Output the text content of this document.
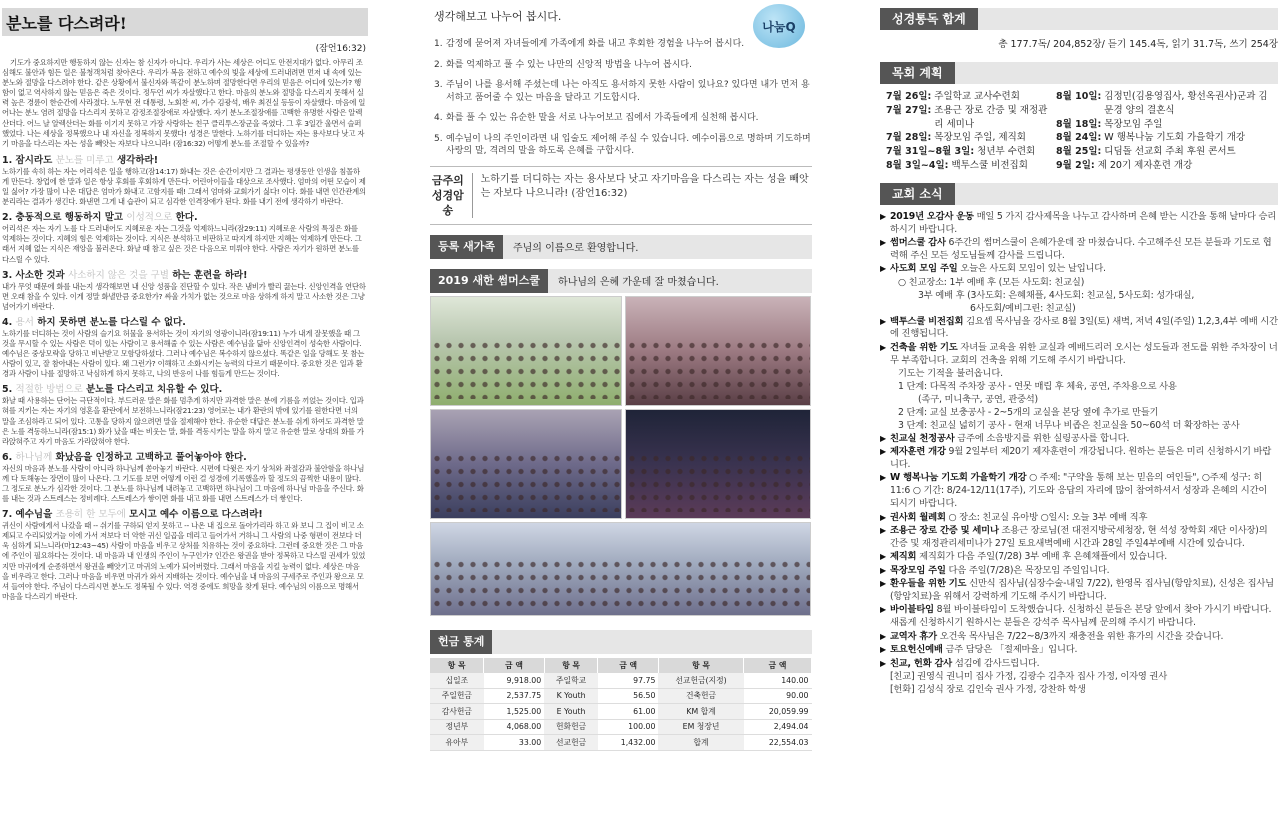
분노를 다스려라!
(잠언16:32)

기도가 중요하지만 행동하지 않는 신자는 참 신자가 아니다. 우리가 사는 세상은 어디도 안전지대가 없다. 아무리 조심해도 불안과 힘든 일은 불청객처럼 찾아온다. 우리가 복음 전하고 예수의 빛을 세상에 드러내려면 먼저 내 속에 있는 분노와 절망을 다스려야 한다. 같은 상황에서 불신자와 똑같이 분노하며 절망한다면 우리의 믿음은 어디에 있는가? 행함이 없고 역사하지 않는 믿음은 죽은 것이다. 정두언 씨가 자살했다고 한다. 마음의 분노와 절망을 다스리지 못해서 실력 높은 경륜이 한순간에 사라졌다. 노무현 전 대통령, 노회찬 씨, 가수 김광석, 배우 최진실 등등이 자살했다. 마음에 일어나는 분노 염려 절망을 다스리지 못하고 감정조절장애로 자살했다. 자기 분노조절장애를 고백한 유명한 사람은 알렉산더다. 어느 날 알렉산더는 화를 이기지 못하고 가장 사랑하는 친구 클리투스장군을 죽였다. 그 후 3일간 울면서 슬퍼했었다. 나는 세상을 정복했으나 내 자신을 정복하지 못했다! 성경은 말한다. 노하기를 더디하는 자는 용사보다 낫고 자기 마음을 다스리는 자는 성을 빼앗는 자보다 나으니라! (잠16:32) 어떻게 분노를 조절할 수 있을까?

1. 잠시라도 분노를 미루고 생각하라!

노하기를 속히 하는 자는 어리석은 일을 행하고(잠14:17) 화내는 것은 순간이지만 그 결과는 평생동안 인생을 침몰하게 만든다. 창업에 한 말과 일은 항상 후회를 후회하게 만든다. 어린아이들을 대상으로 조사했다. 엄마의 어떤 모습이 제일 싫어? 가장 많이 나온 대답은 엄마가 화내고 고함지를 때! 그래서 엄마와 교회가기 싫다! 이다. 화를 내면 인간관계의 분리라는 결과가 생긴다. 화낸면 그게 내 습관이 되고 심각한 인격장애가 된다. 화를 내기 전에 생각하기 바란다.

2. 충동적으로 행동하지 말고 이성적으로 한다.

어리석은 자는 자기 노를 다 드러내어도 지혜로운 자는 그것을 억제하느니라(잠29:11) 지혜로운 사람의 특징은 화를 억제하는 것이다. 지혜의 힘은 억제하는 것이다. 지식은 분석하고 비판하고 따지게 하지만 지혜는 억제하게 만든다. 그래서 지혜 없는 지식은 재앙을 불러온다. 화날 때 참고 싶은 것은 다음으로 미뤄야 한다. 사람은 자기가 원하면 분노를 다스릴 수 있다.

3. 사소한 것과 사소하지 않은 것을 구별 하는 훈련을 하라!

내가 무엇 때문에 화를 내는지 생각해보면 내 신앙 성품을 진단할 수 있다. 작은 냄비가 빨리 끓는다. 신앙인격을 연단하면 오래 참을 수 있다. 이게 정말 화낼만큼 중요한가? 싸울 가치가 없는 것으로 마음 상하게 하지 말고 사소한 것은 그냥 넘어가기 바란다.

4. 용서 하지 못하면 분노를 다스릴 수 없다.

노하기를 더디하는 것이 사람의 슬기요 허물을 용서하는 것이 자기의 영광이니라(잠19:11) 누가 내게 잘못했을 때 그것을 무시할 수 있는 사람은 덕이 있는 사람이고 용서해줄 수 있는 사람은 예수님을 닮아 신앙인격이 성숙한 사람이다. 예수님은 중상모략을 당하고 비난받고 모함당하셨다. 그러나 예수님은 복수하지 않으셨다. 똑같은 일을 당해도 못 참는 사람이 있고, 잘 참아내는 사람이 있다. 왜 그런가? 이해하고 소화시키는 능력의 다르기 때문이다. 중요한 것은 일과 환경과 사람이 나를 절망하고 낙심하게 하지 못하고, 나의 반응이 나를 힘들게 만드는 것이다.

5. 적절한 방법으로 분노를 다스리고 치유할 수 있다.

화날 때 사용하는 단어는 극단적이다. 부드러운 말은 화를 멈추게 하지만 과격한 말은 분에 기름을 끼얹는 것이다. 입과 혀를 지키는 자는 자기의 영혼을 환란에서 보전하느니라(잠21:23) 영어로는 내가 환란의 밖에 있기를 원한다면 너의 말을 조심하라고 되어 있다. 고통을 당하지 않으려면 말을 절제해야 한다. 유순한 대답은 분노를 쉬게 하여도 과격한 말은 노를 격동하느니라(잠15:1) 화가 났을 때는 비웃는 말, 화를 격동시키는 말을 하지 말고 유순한 말로 상대의 화를 가라앉혀주고 자기 마음도 가라앉혀야 한다.

6. 하나님께 화났음을 인정하고 고백하고 풀어놓아야 한다.

자신의 마음과 분노를 사람이 아니라 하나님께 쏟아놓기 바란다. 시편에 다윗은 자기 상처와 좌절감과 불안함을 하나님께 다 토해놓는 장면이 많이 나온다. 그 기도를 보면 어떻게 이런 걸 성경에 기록했을까 할 정도의 끔찍한 내용이 많다. 그 정도로 분노가 심각한 것이다. 그 분노를 하나님께 내려놓고 고백하면 하나님이 그 마음에 하나님 마음을 주신다. 화를 내는 것과 스트레스는 정비례다. 스트레스가 쌓이면 화를 내고 화를 내면 스트레스가 더 쌓인다.

7. 예수님을 조용히 한 모두에 모시고 예수 이름으로 다스려라!

귀신이 사람에게서 나갔을 때 -- 쉬기를 구하되 얻지 못하고 -- 나온 내 집으로 돌아가리라 하고 와 보니 그 집이 비고 소제되고 수리되었거늘 이에 가서 저보다 더 악한 귀신 일곱을 데리고 들어가서 거하니 그 사람의 나중 형편이 전보다 더욱 심하게 되느니라(마12:43~45) 사람이 마음을 비우고 상처를 치유하는 것이 중요하다. 그런데 중요한 것은 그 마음에 주인이 필요하다는 것이다. 내 마음과 내 인생의 주인이 누구인가? 인간은 왕권을 받아 정복하고 다스릴 권세가 있었지만 마귀에게 순종하면서 왕권을 빼앗기고 마귀의 노예가 되어버렸다. 그래서 마음을 지킬 능력이 없다. 세상은 마음을 비우라고 한다. 그러나 마음을 비우면 마귀가 와서 지배하는 것이다. 예수님을 내 마음의 구세주로 주인과 왕으로 모셔 들여야 한다. 주님이 다스리시면 분노도 정복될 수 있다. 역경 중에도 희망을 찾게 된다. 예수님의 이름으로 명해서 마음을 다스리기 바란다.

생각해보고 나누어 봅시다.
나눔Q
1. 감정에 묻어져 자녀들에게 가족에게 화를 내고 후회한 경험을 나누어 봅시다.
2. 화를 억제하고 풀 수 있는 나만의 신앙적 방법을 나누어 봅시다.
3. 주님이 나를 용서해 주셨는데 나는 아직도 용서하지 못한 사람이 있나요? 있다면 내가 먼저 용서하고 품어줄 수 있는 마음을 달라고 기도합시다.
4. 화를 풀 수 있는 유순한 말을 서로 나누어보고 집에서 가족들에게 실천해 봅시다.
5. 예수님이 나의 주인이라면 내 입술도 제어해 주실 수 있습니다. 예수이름으로 명하며 기도하며 사랑의 말, 격려의 말을 하도록 은혜를 구합시다.
금주의
성경암송
노하기를 더디하는 자는 용사보다 낫고 자기마음을 다스리는 자는 성을 빼앗는 자보다 나으니라! (잠언16:32)
등록 새가족	주님의 이름으로 환영합니다.
2019 새한 썸머스쿨	하나님의 은혜 가운데 잘 마쳤습니다.
헌금 통계
항 목	금 액	항 목	금 액	항 목	금 액
십일조	9,918.00	주일학교	97.75	선교헌금(지정)	140.00
주일헌금	2,537.75	K Youth	56.50	건축헌금	90.00
감사헌금	1,525.00	E Youth	61.00	KM 합계	20,059.99
정년부	4,068.00	헌화헌금	100.00	EM 청장년	2,494.04
유아부	33.00	선교헌금	1,432.00	합계	22,554.03
성경통독 합계
총 177.7독/ 204,852장/ 듣기 145.4독, 읽기 31.7독, 쓰기 254장
목회 계획
7월 26일: 주일학교 교사수련회
7월 27일: 조용근 장로 간증 및 재정관리 세미나
7월 28일: 목장모임 주일, 제직회
7월 31일~8월 3일: 청년부 수련회
8월 3일~4일: 백투스쿨 비전집회
8월 10일: 김정민(김용영집사, 황선옥권사)군과 김문경 양의 결혼식
8월 18일: 목장모임 주일
8월 24일: W 행복나눔 기도회 가을학기 개강
8월 25일: 디딤돌 선교회 주최 후원 콘서트
9월 2일: 제 20기 제자훈련 개강
교회 소식
▶ 2019년 오감사 운동 매일 5 가지 감사제목을 나누고 감사하며 은혜 받는 시간을 통해 날마다 승리하시기 바랍니다.
▶ 썸머스쿨 감사 6주간의 썸머스쿨이 은혜가운데 잘 마쳤습니다. 수고해주신 모든 분들과 기도로 협력해 주신 모든 성도님들께 감사를 드립니다.
▶ 사도회 모임 주일 오늘은 사도회 모임이 있는 날입니다.
○ 친교장소: 1부 예배 후 (모든 사도회: 친교실)
3부 예배 후 (3사도회: 은혜채플, 4사도회: 친교실, 5사도회: 성가대실,
6사도회/예비그린: 친교실)
▶ 백투스쿨 비전집회 김요셉 목사님을 강사로 8월 3일(토) 새벽, 저녁 4일(주일) 1,2,3,4부 예배 시간에 진행됩니다.
▶ 건축을 위한 기도 자녀들 교육을 위한 교실과 예배드리러 오시는 성도들과 전도를 위한 주차장이 너무 부족합니다. 교회의 건축을 위해 기도해 주시기 바랍니다.
기도는 기적을 불러옵니다.
1 단계: 다목적 주차장 공사 - 연못 매립 후 체육, 공연, 주차용으로 사용
(족구, 미니축구, 공연, 관중석)
2 단계: 교실 보충공사 - 2~5개의 교실을 본당 옆에 추가로 만들기
3 단계: 친교실 넓히기 공사 - 현재 너무나 비좁은 친교실을 50~60석 더 확장하는 공사
▶ 친교실 천정공사 금주에 소음방지를 위한 실링공사를 합니다.
▶ 제자훈련 개강 9월 2일부터 제20기 제자훈련이 개강됩니다. 원하는 분들은 미리 신청하시기 바랍니다.
▶ W 행복나눔 기도회 가을학기 개강 ○ 주제: "구약을 통해 보는 믿음의 여인들", ○주제 성구: 히11:6 ○ 기간: 8/24-12/11(17주), 기도와 응답의 자리에 많이 참여하셔서 성장과 은혜의 시간이 되시기 바랍니다.
▶ 권사회 월례회 ○ 장소: 친교실 유아방 ○일시: 오늘 3부 예배 직후
▶ 조용근 장로 간증 및 세미나 조용근 장로님(전 대전지방국세청장, 현 석성 장학회 재단 이사장)의 간증 및 재정관리세미나가 27일 토요새벽예배 시간과 28일 주일4부예배 시간에 있습니다.
▶ 제직회 제직회가 다음 주일(7/28) 3부 예배 후 은혜채플에서 있습니다.
▶ 목장모임 주일 다음 주일(7/28)은 목장모임 주일입니다.
▶ 환우들을 위한 기도 신만식 집사님(심장수술-내일 7/22), 한영목 집사님(항암치료), 신성은 집사님(항암치료)을 위해서 강력하게 기도해 주시기 바랍니다.
▶ 바이블타임 8월 바이블타임이 도착했습니다. 신청하신 분들은 본당 앞에서 찾아 가시기 바랍니다. 새롭게 신청하시기 원하시는 분들은 강석주 목사님께 문의해 주시기 바랍니다.
▶ 교역자 휴가 오건욱 목사님은 7/22~8/3까지 재충전을 위한 휴가의 시간을 갖습니다.
▶ 토요헌신예배 금주 담당은 「절제마을」입니다.
▶ 친교, 헌화 감사 섬김에 감사드립니다.
[친교] 권영식 권니미 집사 가정, 김광수 김추자 집사 가정, 이자영 권사
[헌화] 김성식 장로 김인숙 권사 가정, 강찬하 학생
